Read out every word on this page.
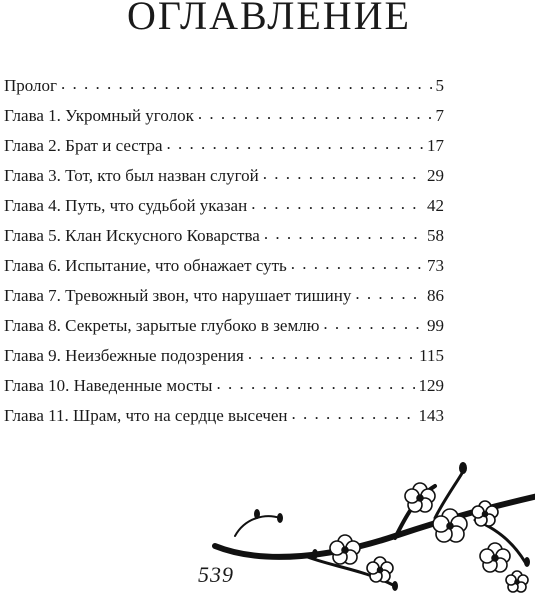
ОГЛАВЛЕНИЕ
Пролог . . .	5
Глава 1. Укромный уголок . . .	7
Глава 2. Брат и сестра . . .	17
Глава 3. Тот, кто был назван слугой . . .	29
Глава 4. Путь, что судьбой указан . . .	42
Глава 5. Клан Искусного Коварства . . .	58
Глава 6. Испытание, что обнажает суть . . .	73
Глава 7. Тревожный звон, что нарушает тишину . . .	86
Глава 8. Секреты, зарытые глубоко в землю . . .	99
Глава 9. Неизбежные подозрения . . .	115
Глава 10. Наведенные мосты . . .	129
Глава 11. Шрам, что на сердце высечен . . .	143
539
